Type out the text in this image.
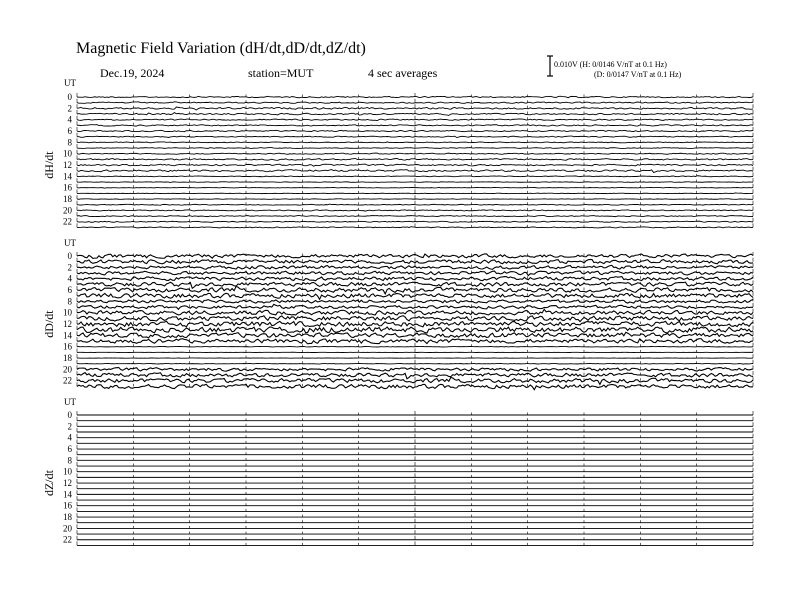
Magnetic Field Variation (dH/dt,dD/dt,dZ/dt)
Dec.19, 2024	station=MUT	4 sec averages
0.010V (H: 0/0146 V/nT at 0.1 Hz)
(D: 0/0147 V/nT at 0.1 Hz)
UT
dH/dt
0
2
4
6
8
10
12
14
16
18
20
22
UT
dD/dt
0
2
4
6
8
10
12
14
16
18
20
22
UT
dZ/dt
0
2
4
6
8
10
12
14
16
18
20
22
